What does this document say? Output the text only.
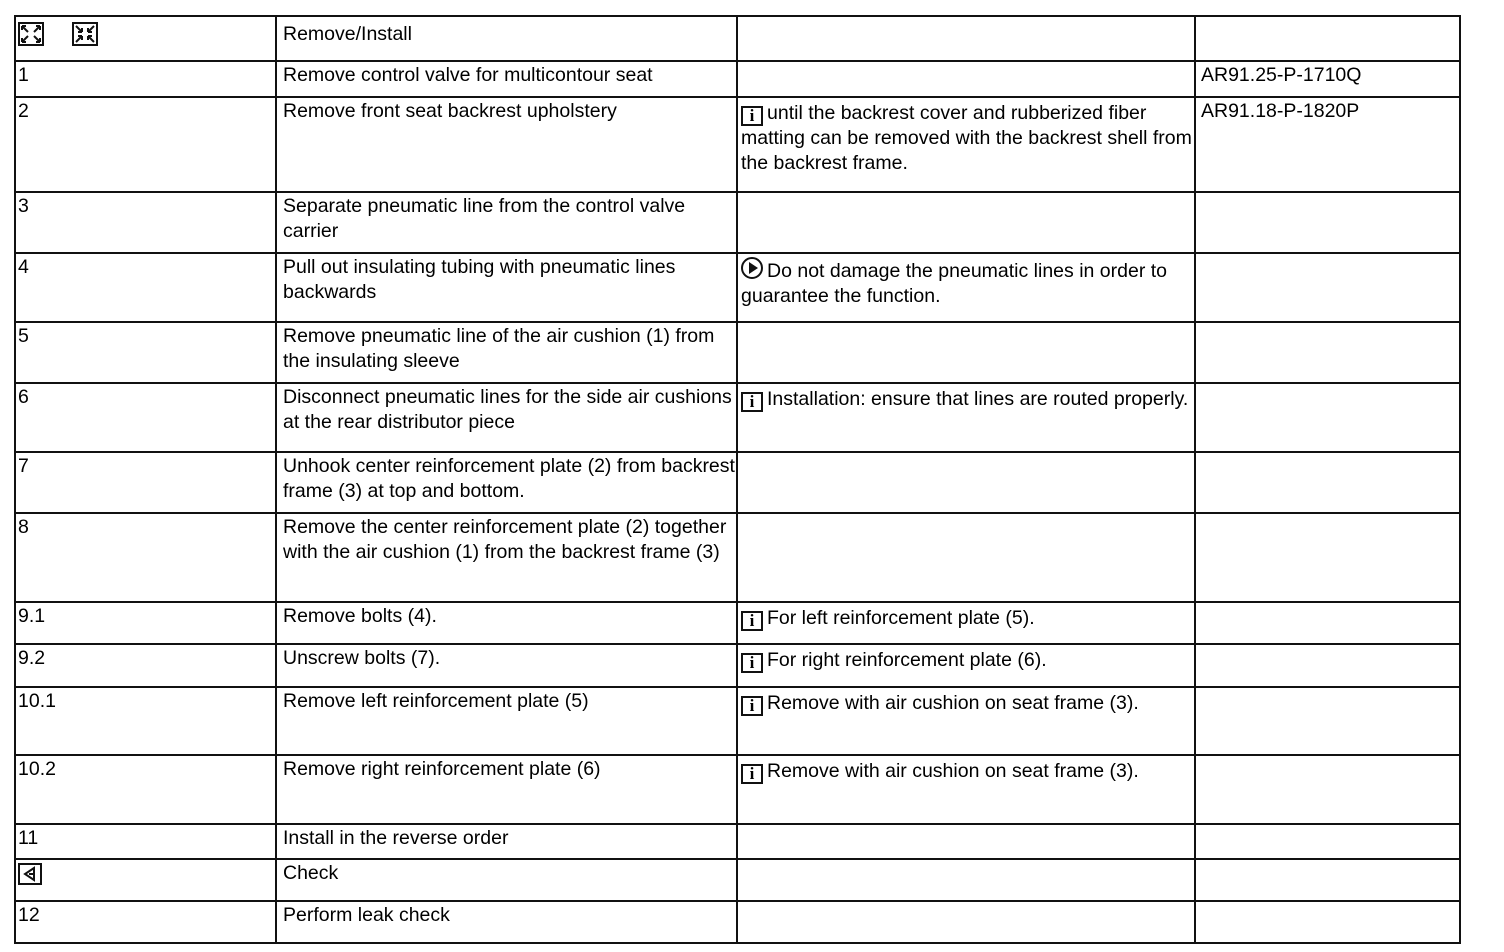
	Remove/Install		
1	Remove control valve for multicontour seat		AR91.25-P-1710Q
2	Remove front seat backrest upholstery	i until the backrest cover and rubberized fiber matting can be removed with the backrest shell from the backrest frame.	AR91.18-P-1820P
3	Separate pneumatic line from the control valve carrier		
4	Pull out insulating tubing with pneumatic lines backwards	Do not damage the pneumatic lines in order to guarantee the function.	
5	Remove pneumatic line of the air cushion (1) from the insulating sleeve		
6	Disconnect pneumatic lines for the side air cushions at the rear distributor piece	i Installation: ensure that lines are routed properly.	
7	Unhook center reinforcement plate (2) from backrest frame (3) at top and bottom.		
8	Remove the center reinforcement plate (2) together with the air cushion (1) from the backrest frame (3)		
9.1	Remove bolts (4).	i For left reinforcement plate (5).	
9.2	Unscrew bolts (7).	i For right reinforcement plate (6).	
10.1	Remove left reinforcement plate (5)	i Remove with air cushion on seat frame (3).	
10.2	Remove right reinforcement plate (6)	i Remove with air cushion on seat frame (3).	
11	Install in the reverse order		
	Check		
12	Perform leak check		
